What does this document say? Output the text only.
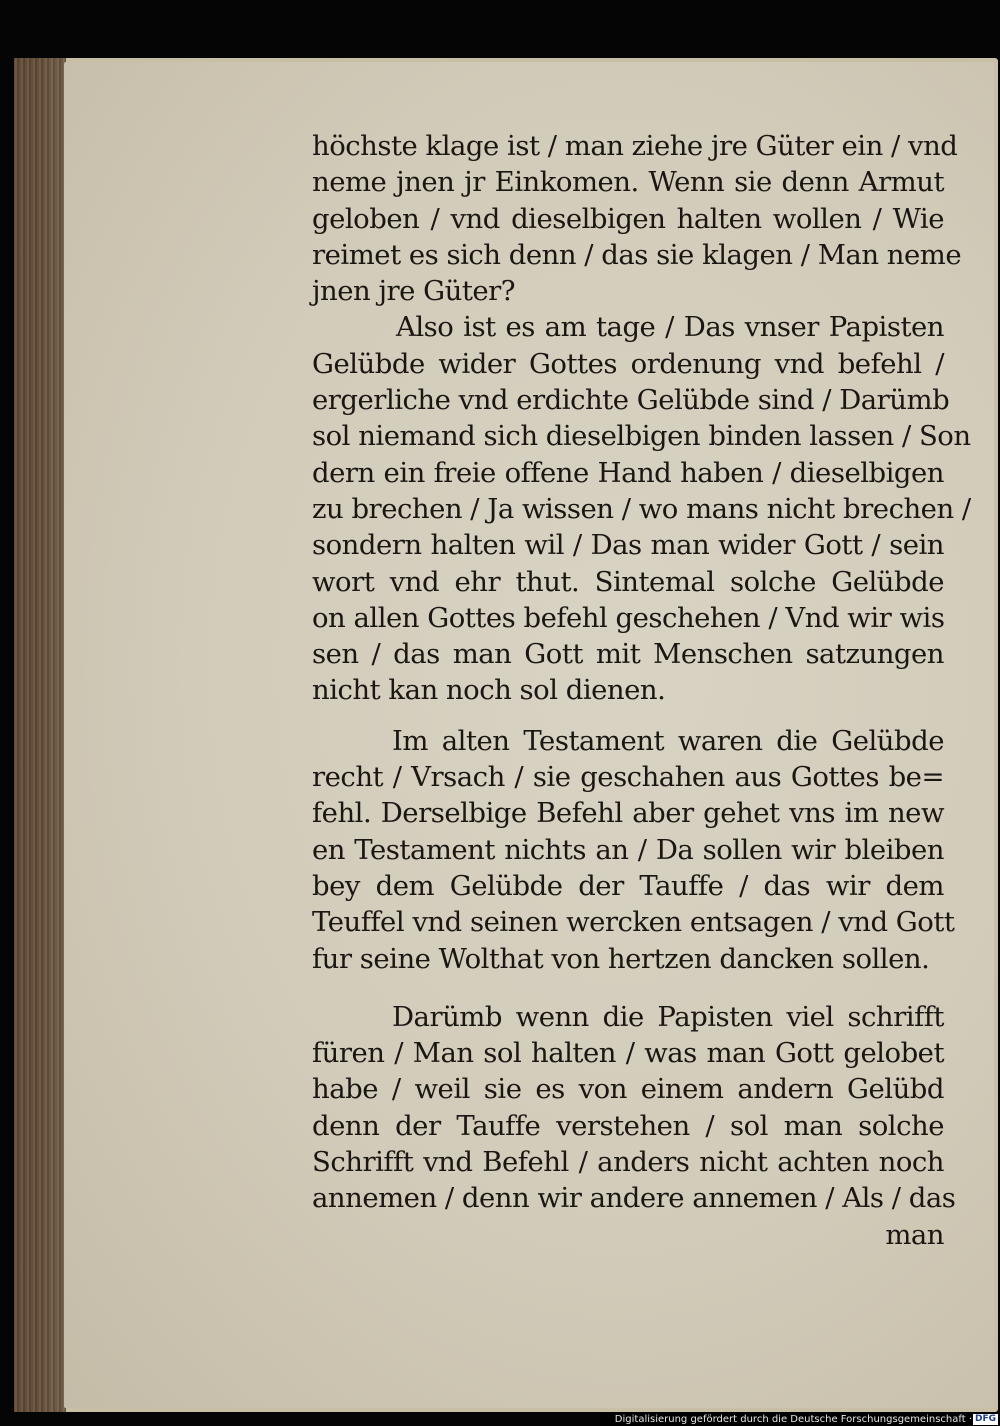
höchste klage ist / man ziehe jre Güter ein / vnd
neme jnen jr Einkomen. Wenn sie denn Armut
geloben / vnd dieselbigen halten wollen / Wie
reimet es sich denn / das sie klagen / Man neme
jnen jre Güter?
Also ist es am tage / Das vnser Papisten
Gelübde wider Gottes ordenung vnd befehl /
ergerliche vnd erdichte Gelübde sind / Darümb
sol niemand sich dieselbigen binden lassen / Son
dern ein freie offene Hand haben / dieselbigen
zu brechen / Ja wissen / wo mans nicht brechen /
sondern halten wil / Das man wider Gott / sein
wort vnd ehr thut. Sintemal solche Gelübde
on allen Gottes befehl geschehen / Vnd wir wis
sen / das man Gott mit Menschen satzungen
nicht kan noch sol dienen.
Im alten Testament waren die Gelübde
recht / Vrsach / sie geschahen aus Gottes be=
fehl. Derselbige Befehl aber gehet vns im new
en Testament nichts an / Da sollen wir bleiben
bey dem Gelübde der Tauffe / das wir dem
Teuffel vnd seinen wercken entsagen / vnd Gott
fur seine Wolthat von hertzen dancken sollen.
Darümb wenn die Papisten viel schrifft
füren / Man sol halten / was man Gott gelobet
habe / weil sie es von einem andern Gelübd
denn der Tauffe verstehen / sol man solche
Schrifft vnd Befehl / anders nicht achten noch
annemen / denn wir andere annemen / Als / das
man
Digitalisierung gefördert durch die Deutsche Forschungsgemeinschaft · DFG
